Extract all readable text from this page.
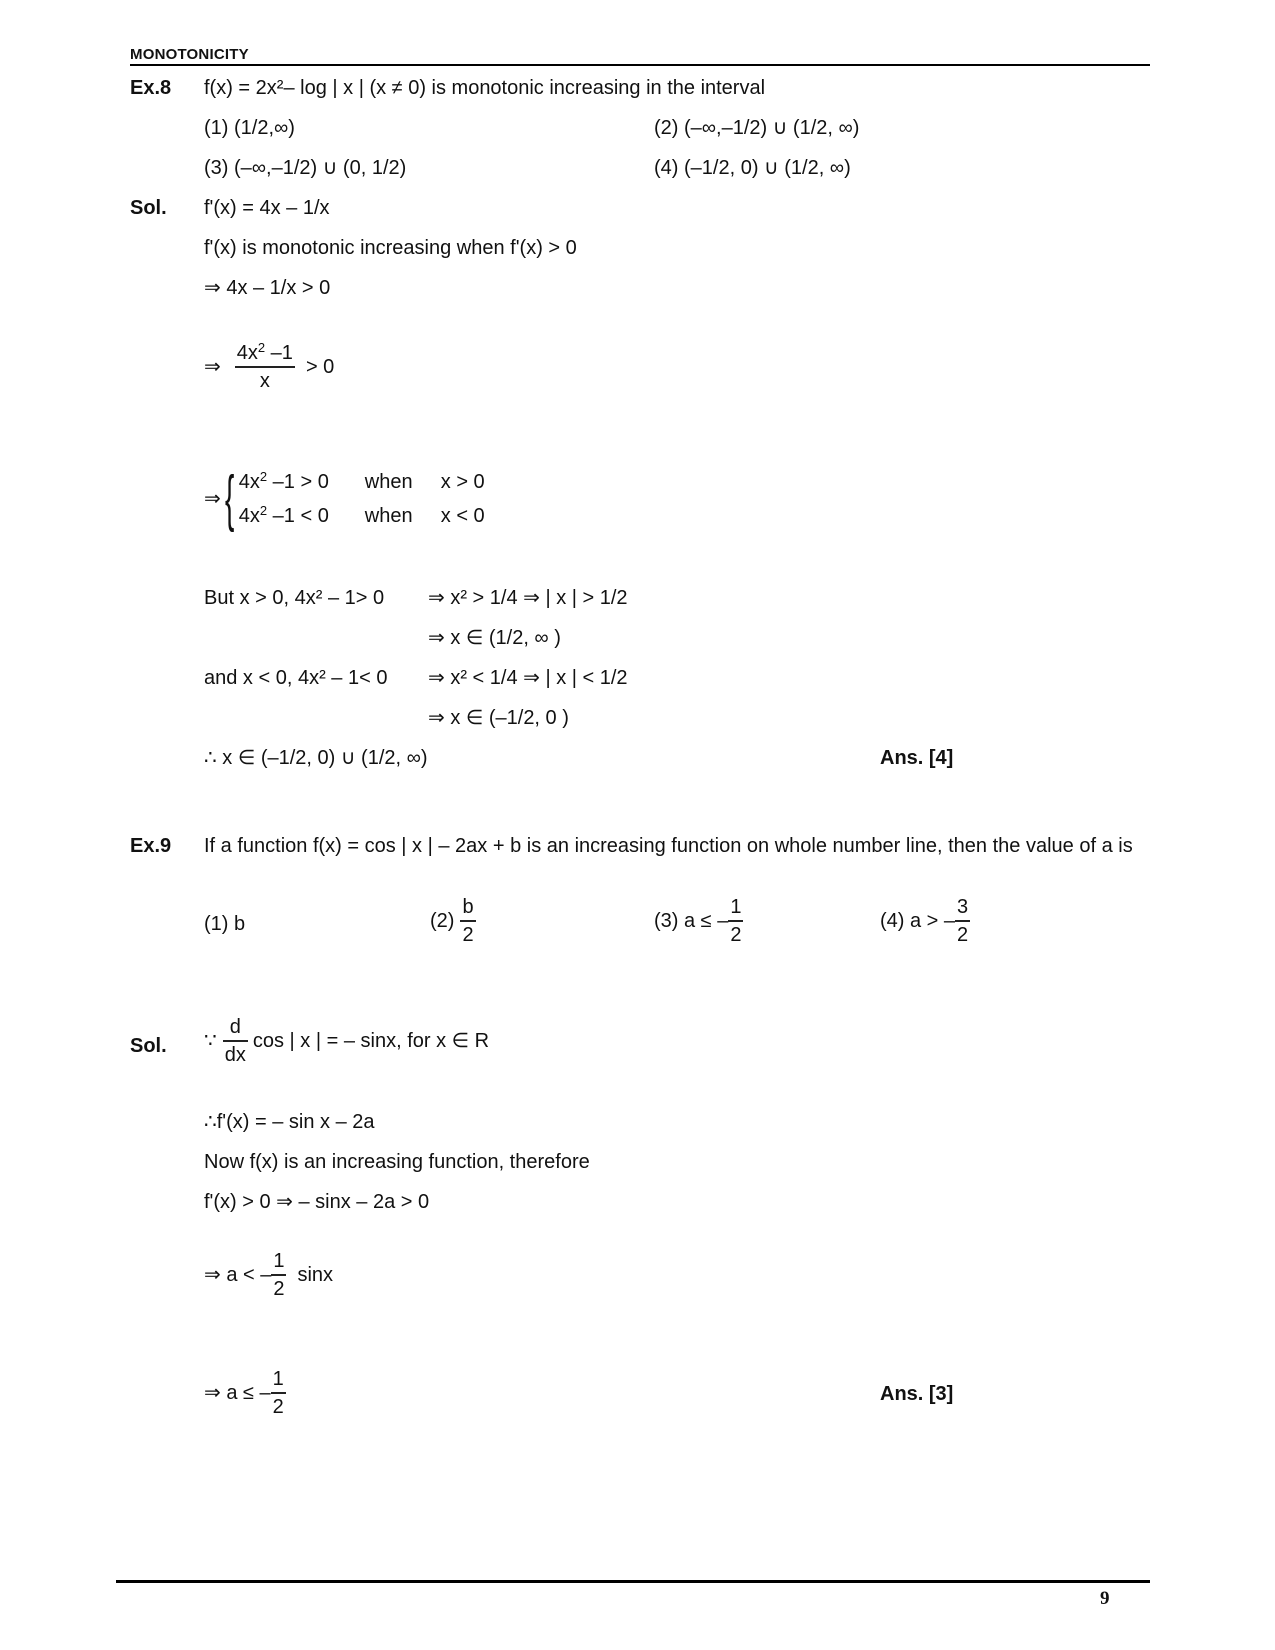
MONOTONICITY
Ex.8 f(x) = 2x²– log | x | (x ≠ 0) is monotonic increasing in the interval
(1) (1/2,∞)	(2) (–∞,–1/2) ∪ (1/2, ∞)
(3) (–∞,–1/2) ∪ (0, 1/2)	(4) (–1/2, 0) ∪ (1/2, ∞)
Sol. f'(x) = 4x – 1/x
f'(x) is monotonic increasing when f'(x) > 0
⇒ 4x – 1/x > 0
⇒ $\frac{4x^2 -1}{x} > 0$
⇒ { $4x^2$ –1 > 0	when	x > 0
$4x^2$ –1 < 0	when	x < 0
But x > 0, 4x² – 1> 0 ⇒ x² > 1/4 ⇒ | x | > 1/2
⇒ x ∈ (1/2, ∞ )
and x < 0, 4x² – 1< 0 ⇒ x² < 1/4 ⇒ | x | < 1/2
⇒ x ∈ (–1/2, 0 )
∴ x ∈ (–1/2, 0) ∪ (1/2, ∞)	Ans. [4]
Ex.9 If a function f(x) = cos | x | – 2ax + b is an increasing function on whole number line, then the value of a is
(1) b	$(2) \frac{b}{2}$	(3) a ≤ – $\frac{1}{2}$	(4) a > – $\frac{3}{2}$
Sol. ∵ $\frac{d}{dx}$ cos | x | = – sinx, for x ∈ R
∴f'(x) = – sin x – 2a
Now f(x) is an increasing function, therefore
f'(x) > 0 ⇒ – sinx – 2a > 0
⇒ a < – $\frac{1}{2}$ sinx
⇒ a ≤ – $\frac{1}{2}$	Ans. [3]
9
